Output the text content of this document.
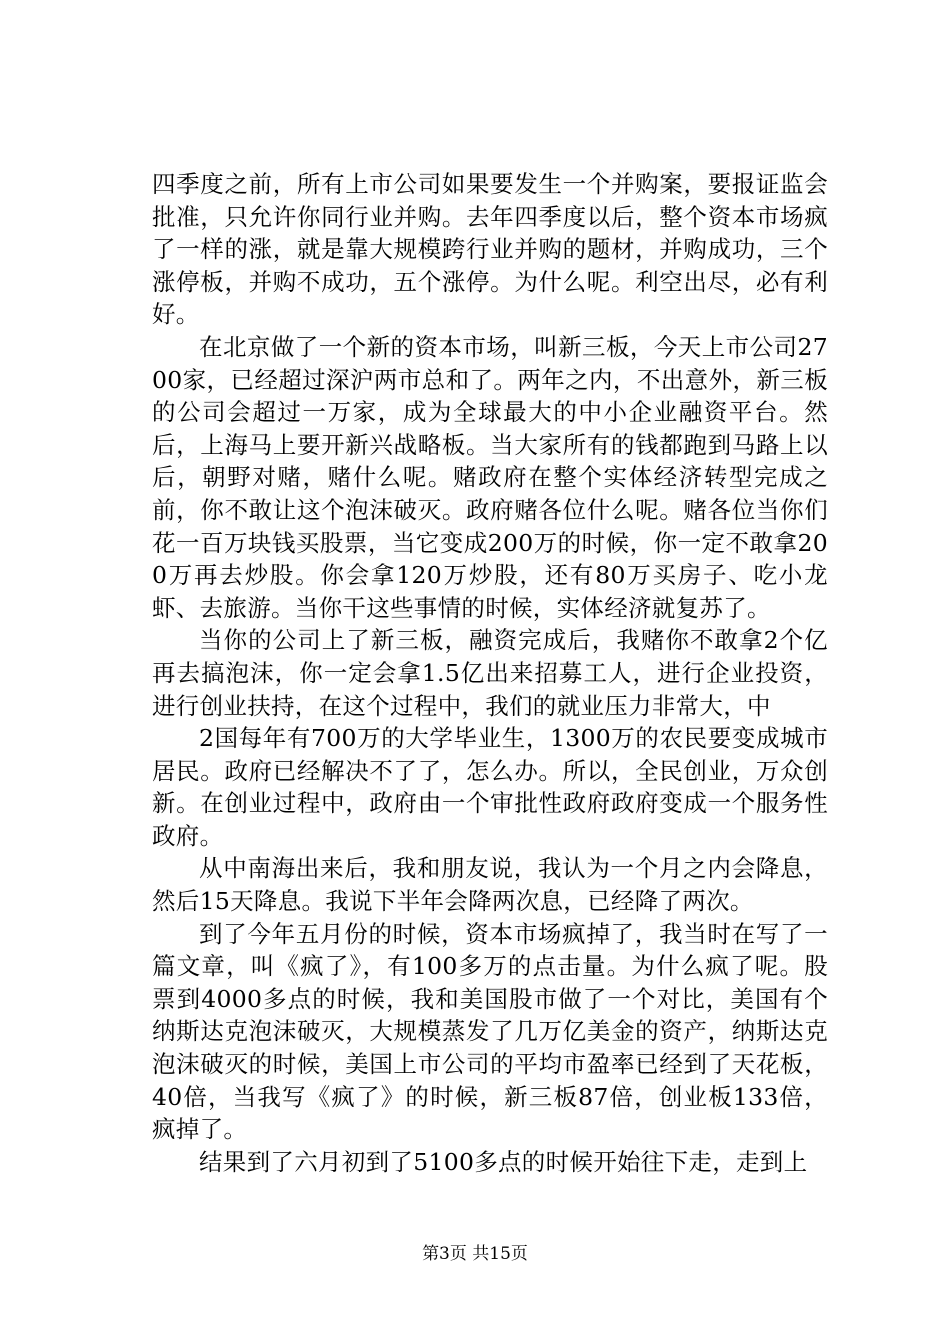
四季度之前，所有上市公司如果要发生一个并购案，要报证监会批准，只允许你同行业并购。去年四季度以后，整个资本市场疯了一样的涨，就是靠大规模跨行业并购的题材，并购成功，三个涨停板，并购不成功，五个涨停。为什么呢。利空出尽，必有利好。

在北京做了一个新的资本市场，叫新三板，今天上市公司2700家，已经超过深沪两市总和了。两年之内，不出意外，新三板的公司会超过一万家，成为全球最大的中小企业融资平台。然后，上海马上要开新兴战略板。当大家所有的钱都跑到马路上以后，朝野对赌，赌什么呢。赌政府在整个实体经济转型完成之前，你不敢让这个泡沫破灭。政府赌各位什么呢。赌各位当你们花一百万块钱买股票，当它变成200万的时候，你一定不敢拿200万再去炒股。你会拿120万炒股，还有80万买房子、吃小龙虾、去旅游。当你干这些事情的时候，实体经济就复苏了。

当你的公司上了新三板，融资完成后，我赌你不敢拿2个亿再去搞泡沫，你一定会拿1.5亿出来招募工人，进行企业投资，进行创业扶持，在这个过程中，我们的就业压力非常大，中

2国每年有700万的大学毕业生，1300万的农民要变成城市居民。政府已经解决不了了，怎么办。所以，全民创业，万众创新。在创业过程中，政府由一个审批性政府政府变成一个服务性政府。

从中南海出来后，我和朋友说，我认为一个月之内会降息，然后15天降息。我说下半年会降两次息，已经降了两次。

到了今年五月份的时候，资本市场疯掉了，我当时在写了一篇文章，叫《疯了》，有100多万的点击量。为什么疯了呢。股票到4000多点的时候，我和美国股市做了一个对比，美国有个纳斯达克泡沫破灭，大规模蒸发了几万亿美金的资产，纳斯达克泡沫破灭的时候，美国上市公司的平均市盈率已经到了天花板，40倍，当我写《疯了》的时候，新三板87倍，创业板133倍，疯掉了。

结果到了六月初到了5100多点的时候开始往下走，走到上

第3页 共15页
